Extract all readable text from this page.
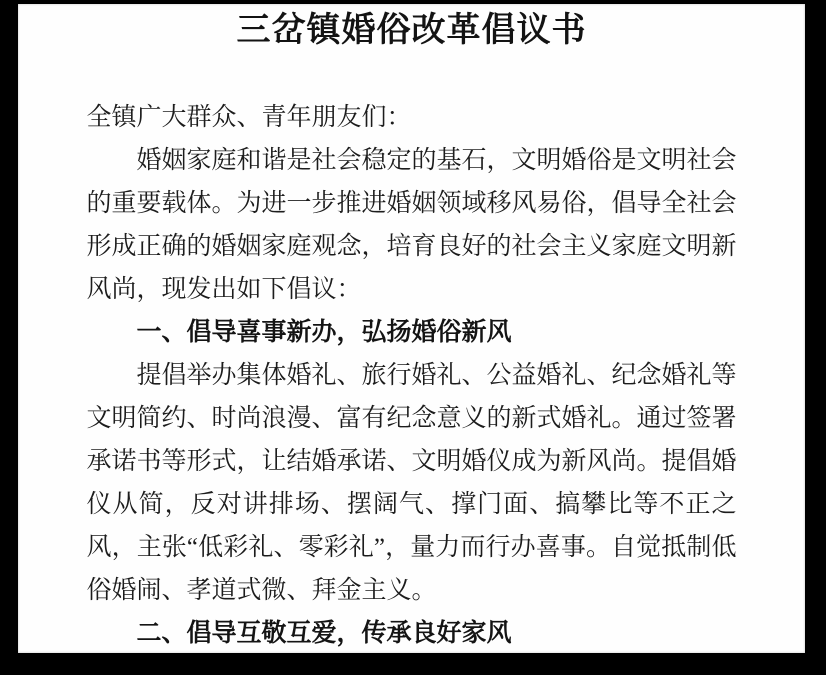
三岔镇婚俗改革倡议书

全镇广大群众、青年朋友们：

婚姻家庭和谐是社会稳定的基石，文明婚俗是文明社会的重要载体。为进一步推进婚姻领域移风易俗，倡导全社会形成正确的婚姻家庭观念，培育良好的社会主义家庭文明新风尚，现发出如下倡议：

一、倡导喜事新办，弘扬婚俗新风

提倡举办集体婚礼、旅行婚礼、公益婚礼、纪念婚礼等文明简约、时尚浪漫、富有纪念意义的新式婚礼。通过签署承诺书等形式，让结婚承诺、文明婚仪成为新风尚。提倡婚仪从简，反对讲排场、摆阔气、撑门面、搞攀比等不正之风，主张“低彩礼、零彩礼”，量力而行办喜事。自觉抵制低俗婚闹、孝道式微、拜金主义。

二、倡导互敬互爱，传承良好家风
